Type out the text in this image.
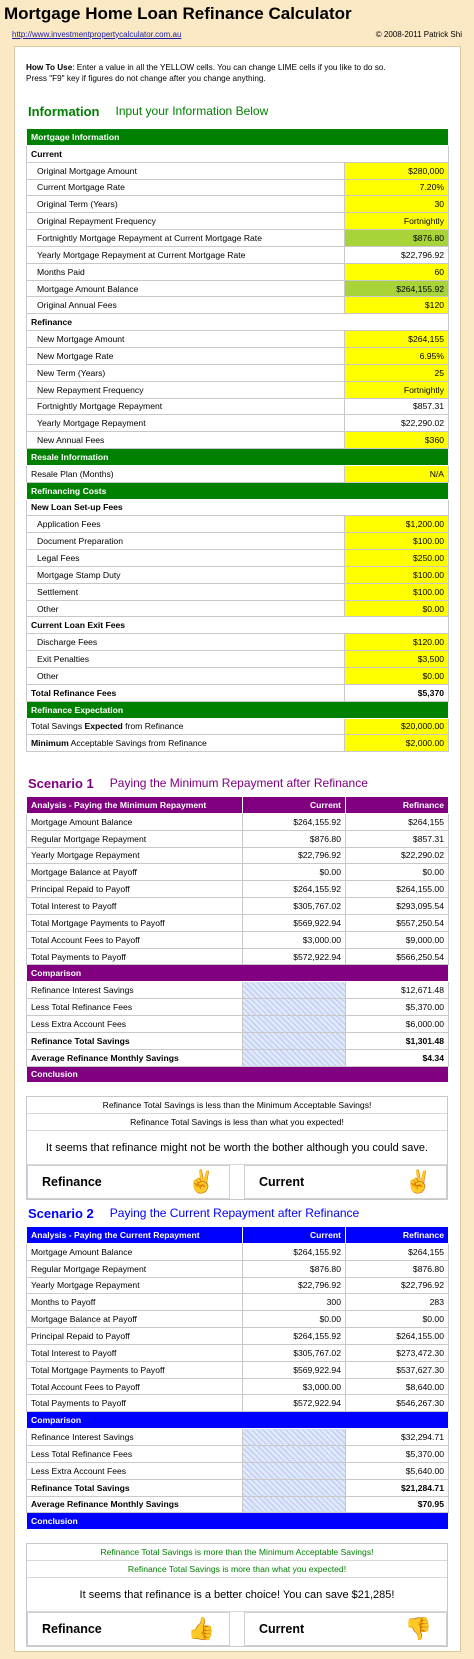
Mortgage Home Loan Refinance Calculator
http://www.investmentpropertycalculator.com.au	© 2008-2011 Patrick Shi
How To Use: Enter a value in all the YELLOW cells. You can change LIME cells if you like to do so.
Press "F9" key if figures do not change after you change anything.
Information Input your Information Below
Mortgage Information	
Current	
Original Mortgage Amount	$280,000
Current Mortgage Rate	7.20%
Original Term (Years)	30
Original Repayment Frequency	Fortnightly
Fortnightly Mortgage Repayment at Current Mortgage Rate	$876.80
Yearly Mortgage Repayment at Current Mortgage Rate	$22,796.92
Months Paid	60
Mortgage Amount Balance	$264,155.92
Original Annual Fees	$120
Refinance	
New Mortgage Amount	$264,155
New Mortgage Rate	6.95%
New Term (Years)	25
New Repayment Frequency	Fortnightly
Fortnightly Mortgage Repayment	$857.31
Yearly Mortgage Repayment	$22,290.02
New Annual Fees	$360
Resale Information	
Resale Plan (Months)	N/A
Refinancing Costs	
New Loan Set-up Fees	
Application Fees	$1,200.00
Document Preparation	$100.00
Legal Fees	$250.00
Mortgage Stamp Duty	$100.00
Settlement	$100.00
Other	$0.00
Current Loan Exit Fees	
Discharge Fees	$120.00
Exit Penalties	$3,500
Other	$0.00
Total Refinance Fees	$5,370
Refinance Expectation	
Total Savings Expected from Refinance	$20,000.00
Minimum Acceptable Savings from Refinance	$2,000.00
Scenario 1 Paying the Minimum Repayment after Refinance
Analysis - Paying the Minimum Repayment	Current	Refinance
Mortgage Amount Balance	$264,155.92	$264,155
Regular Mortgage Repayment	$876.80	$857.31
Yearly Mortgage Repayment	$22,796.92	$22,290.02
Mortgage Balance at Payoff	$0.00	$0.00
Principal Repaid to Payoff	$264,155.92	$264,155.00
Total Interest to Payoff	$305,767.02	$293,095.54
Total Mortgage Payments to Payoff	$569,922.94	$557,250.54
Total Account Fees to Payoff	$3,000.00	$9,000.00
Total Payments to Payoff	$572,922.94	$566,250.54
Comparison		
Refinance Interest Savings		$12,671.48
Less Total Refinance Fees		$5,370.00
Less Extra Account Fees		$6,000.00
Refinance Total Savings		$1,301.48
Average Refinance Monthly Savings		$4.34
Conclusion		
Refinance Total Savings is less than the Minimum Acceptable Savings!
Refinance Total Savings is less than what you expected!
It seems that refinance might not be worth the bother although you could save.
Refinance	✌	Current	✌
Scenario 2 Paying the Current Repayment after Refinance
Analysis - Paying the Current Repayment	Current	Refinance
Mortgage Amount Balance	$264,155.92	$264,155
Regular Mortgage Repayment	$876.80	$876.80
Yearly Mortgage Repayment	$22,796.92	$22,796.92
Months to Payoff	300	283
Mortgage Balance at Payoff	$0.00	$0.00
Principal Repaid to Payoff	$264,155.92	$264,155.00
Total Interest to Payoff	$305,767.02	$273,472.30
Total Mortgage Payments to Payoff	$569,922.94	$537,627.30
Total Account Fees to Payoff	$3,000.00	$8,640.00
Total Payments to Payoff	$572,922.94	$546,267.30
Comparison		
Refinance Interest Savings		$32,294.71
Less Total Refinance Fees		$5,370.00
Less Extra Account Fees		$5,640.00
Refinance Total Savings		$21,284.71
Average Refinance Monthly Savings		$70.95
Conclusion		
Refinance Total Savings is more than the Minimum Acceptable Savings!
Refinance Total Savings is more than what you expected!
It seems that refinance is a better choice! You can save $21,285!
Refinance	👍	Current	👎
